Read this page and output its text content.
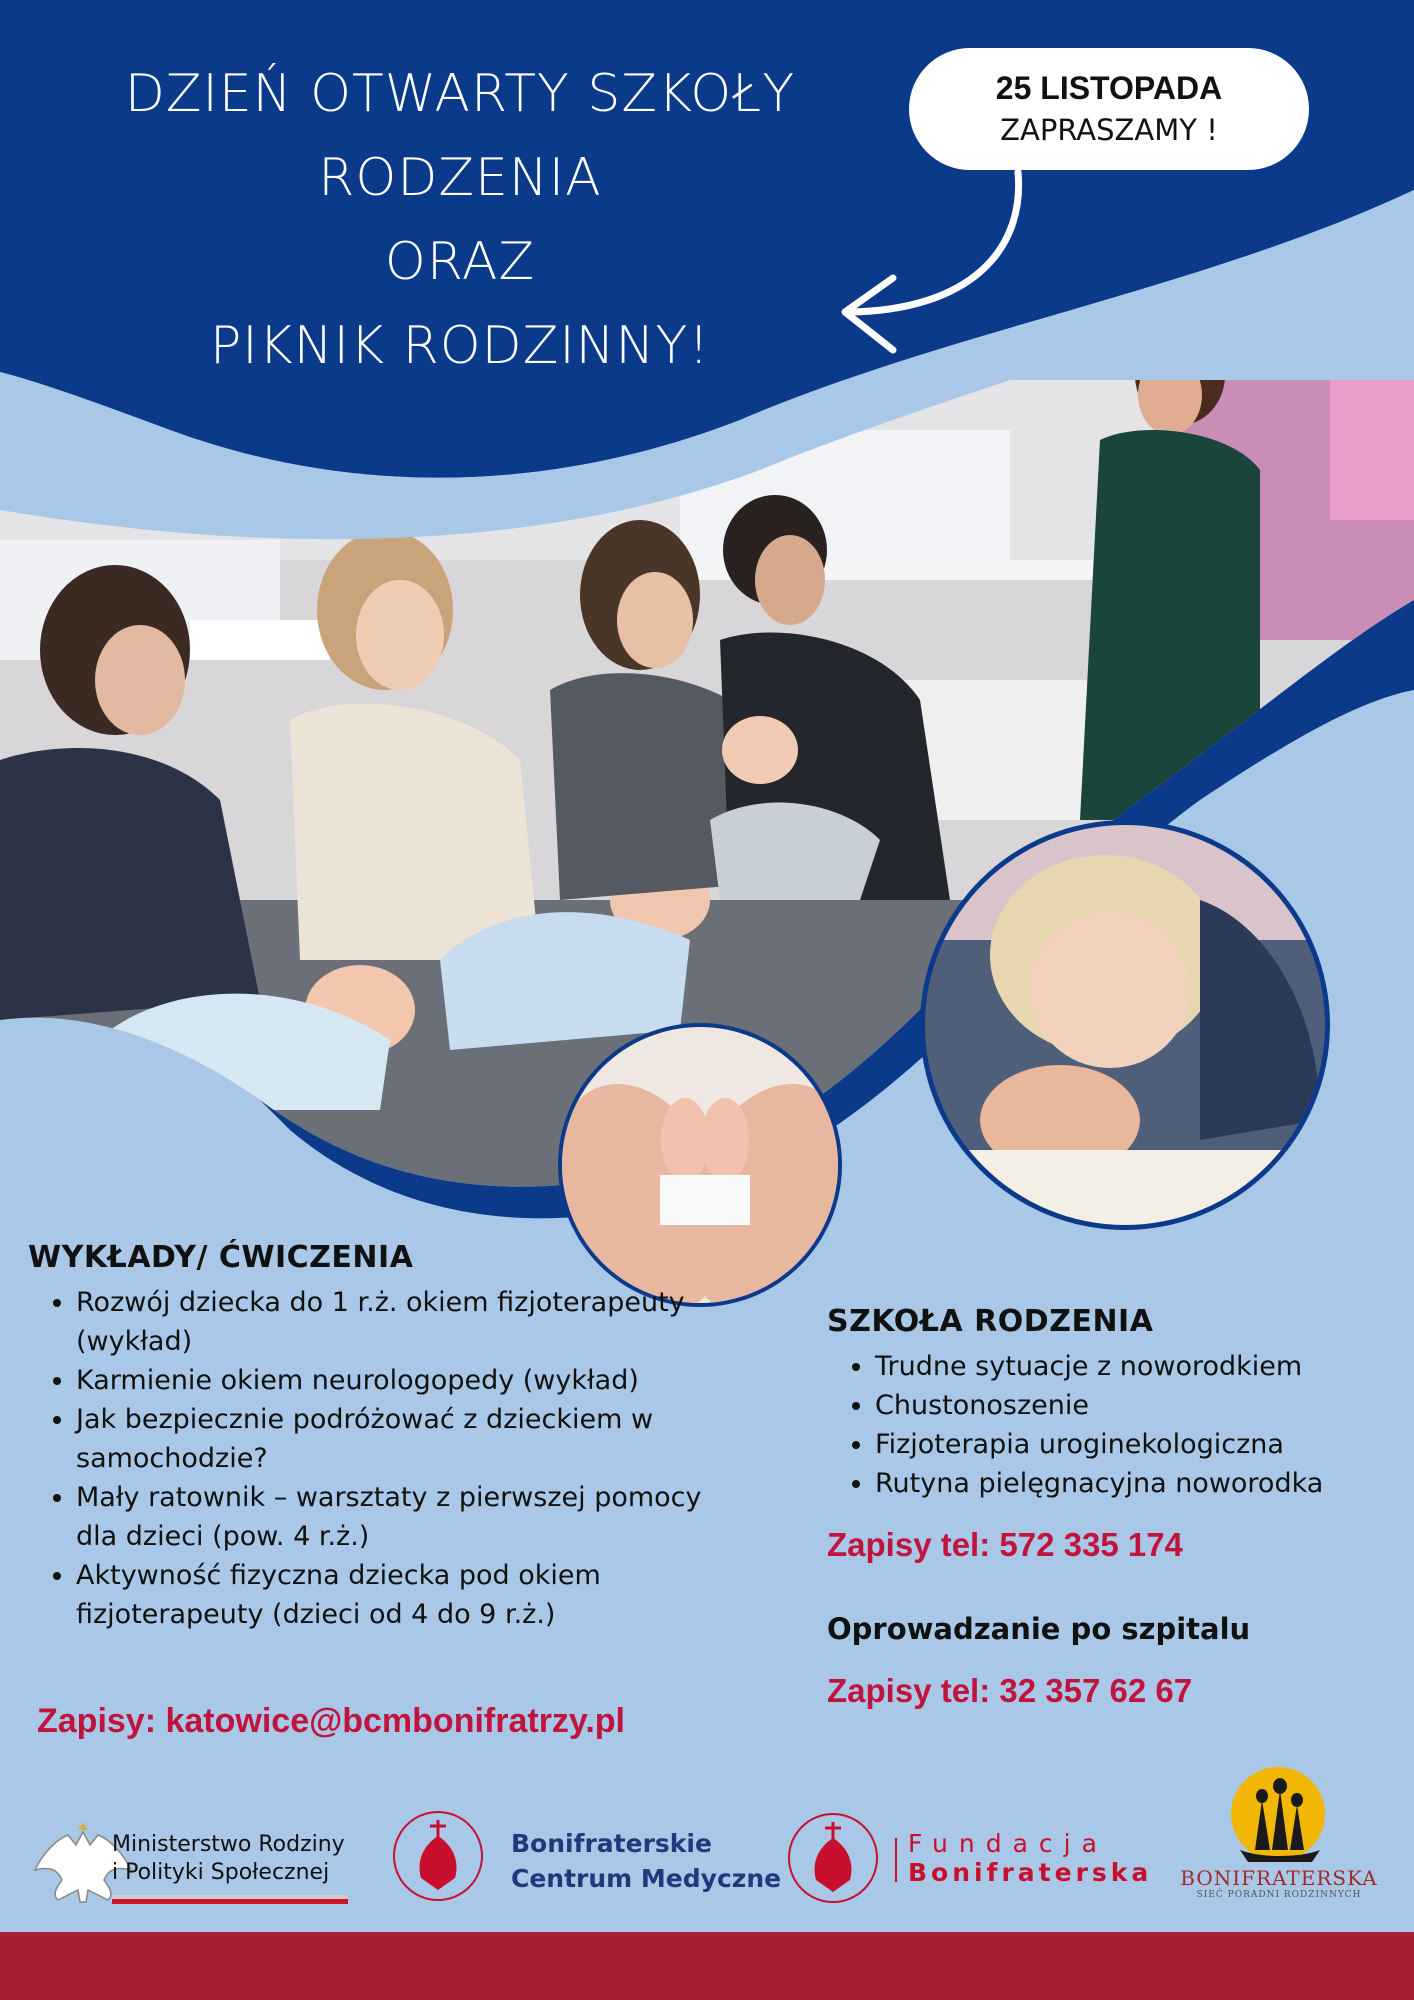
DZIEŃ OTWARTY SZKOŁY
RODZENIA
ORAZ
PIKNIK RODZINNY!
25 LISTOPADA
ZAPRASZAMY !
WYKŁADY/ ĆWICZENIA
• Rozwój dziecka do 1 r.ż. okiem fizjoterapeuty (wykład)
• Karmienie okiem neurologopedy (wykład)
• Jak bezpiecznie podróżować z dzieckiem w samochodzie?
• Mały ratownik – warsztaty z pierwszej pomocy dla dzieci (pow. 4 r.ż.)
• Aktywność fizyczna dziecka pod okiem fizjoterapeuty (dzieci od 4 do 9 r.ż.)
Zapisy: katowice@bcmbonifratrzy.pl
SZKOŁA RODZENIA
• Trudne sytuacje z noworodkiem
• Chustonoszenie
• Fizjoterapia uroginekologiczna
• Rutyna pielęgnacyjna noworodka
Zapisy tel: 572 335 174
Oprowadzanie po szpitalu
Zapisy tel: 32 357 62 67
Ministerstwo Rodziny
i Polityki Społecznej
Bonifraterskie
Centrum Medyczne
Fundacja
Bonifraterska BONIFRATERSKA
SIEĆ PORADNI RODZINNYCH
